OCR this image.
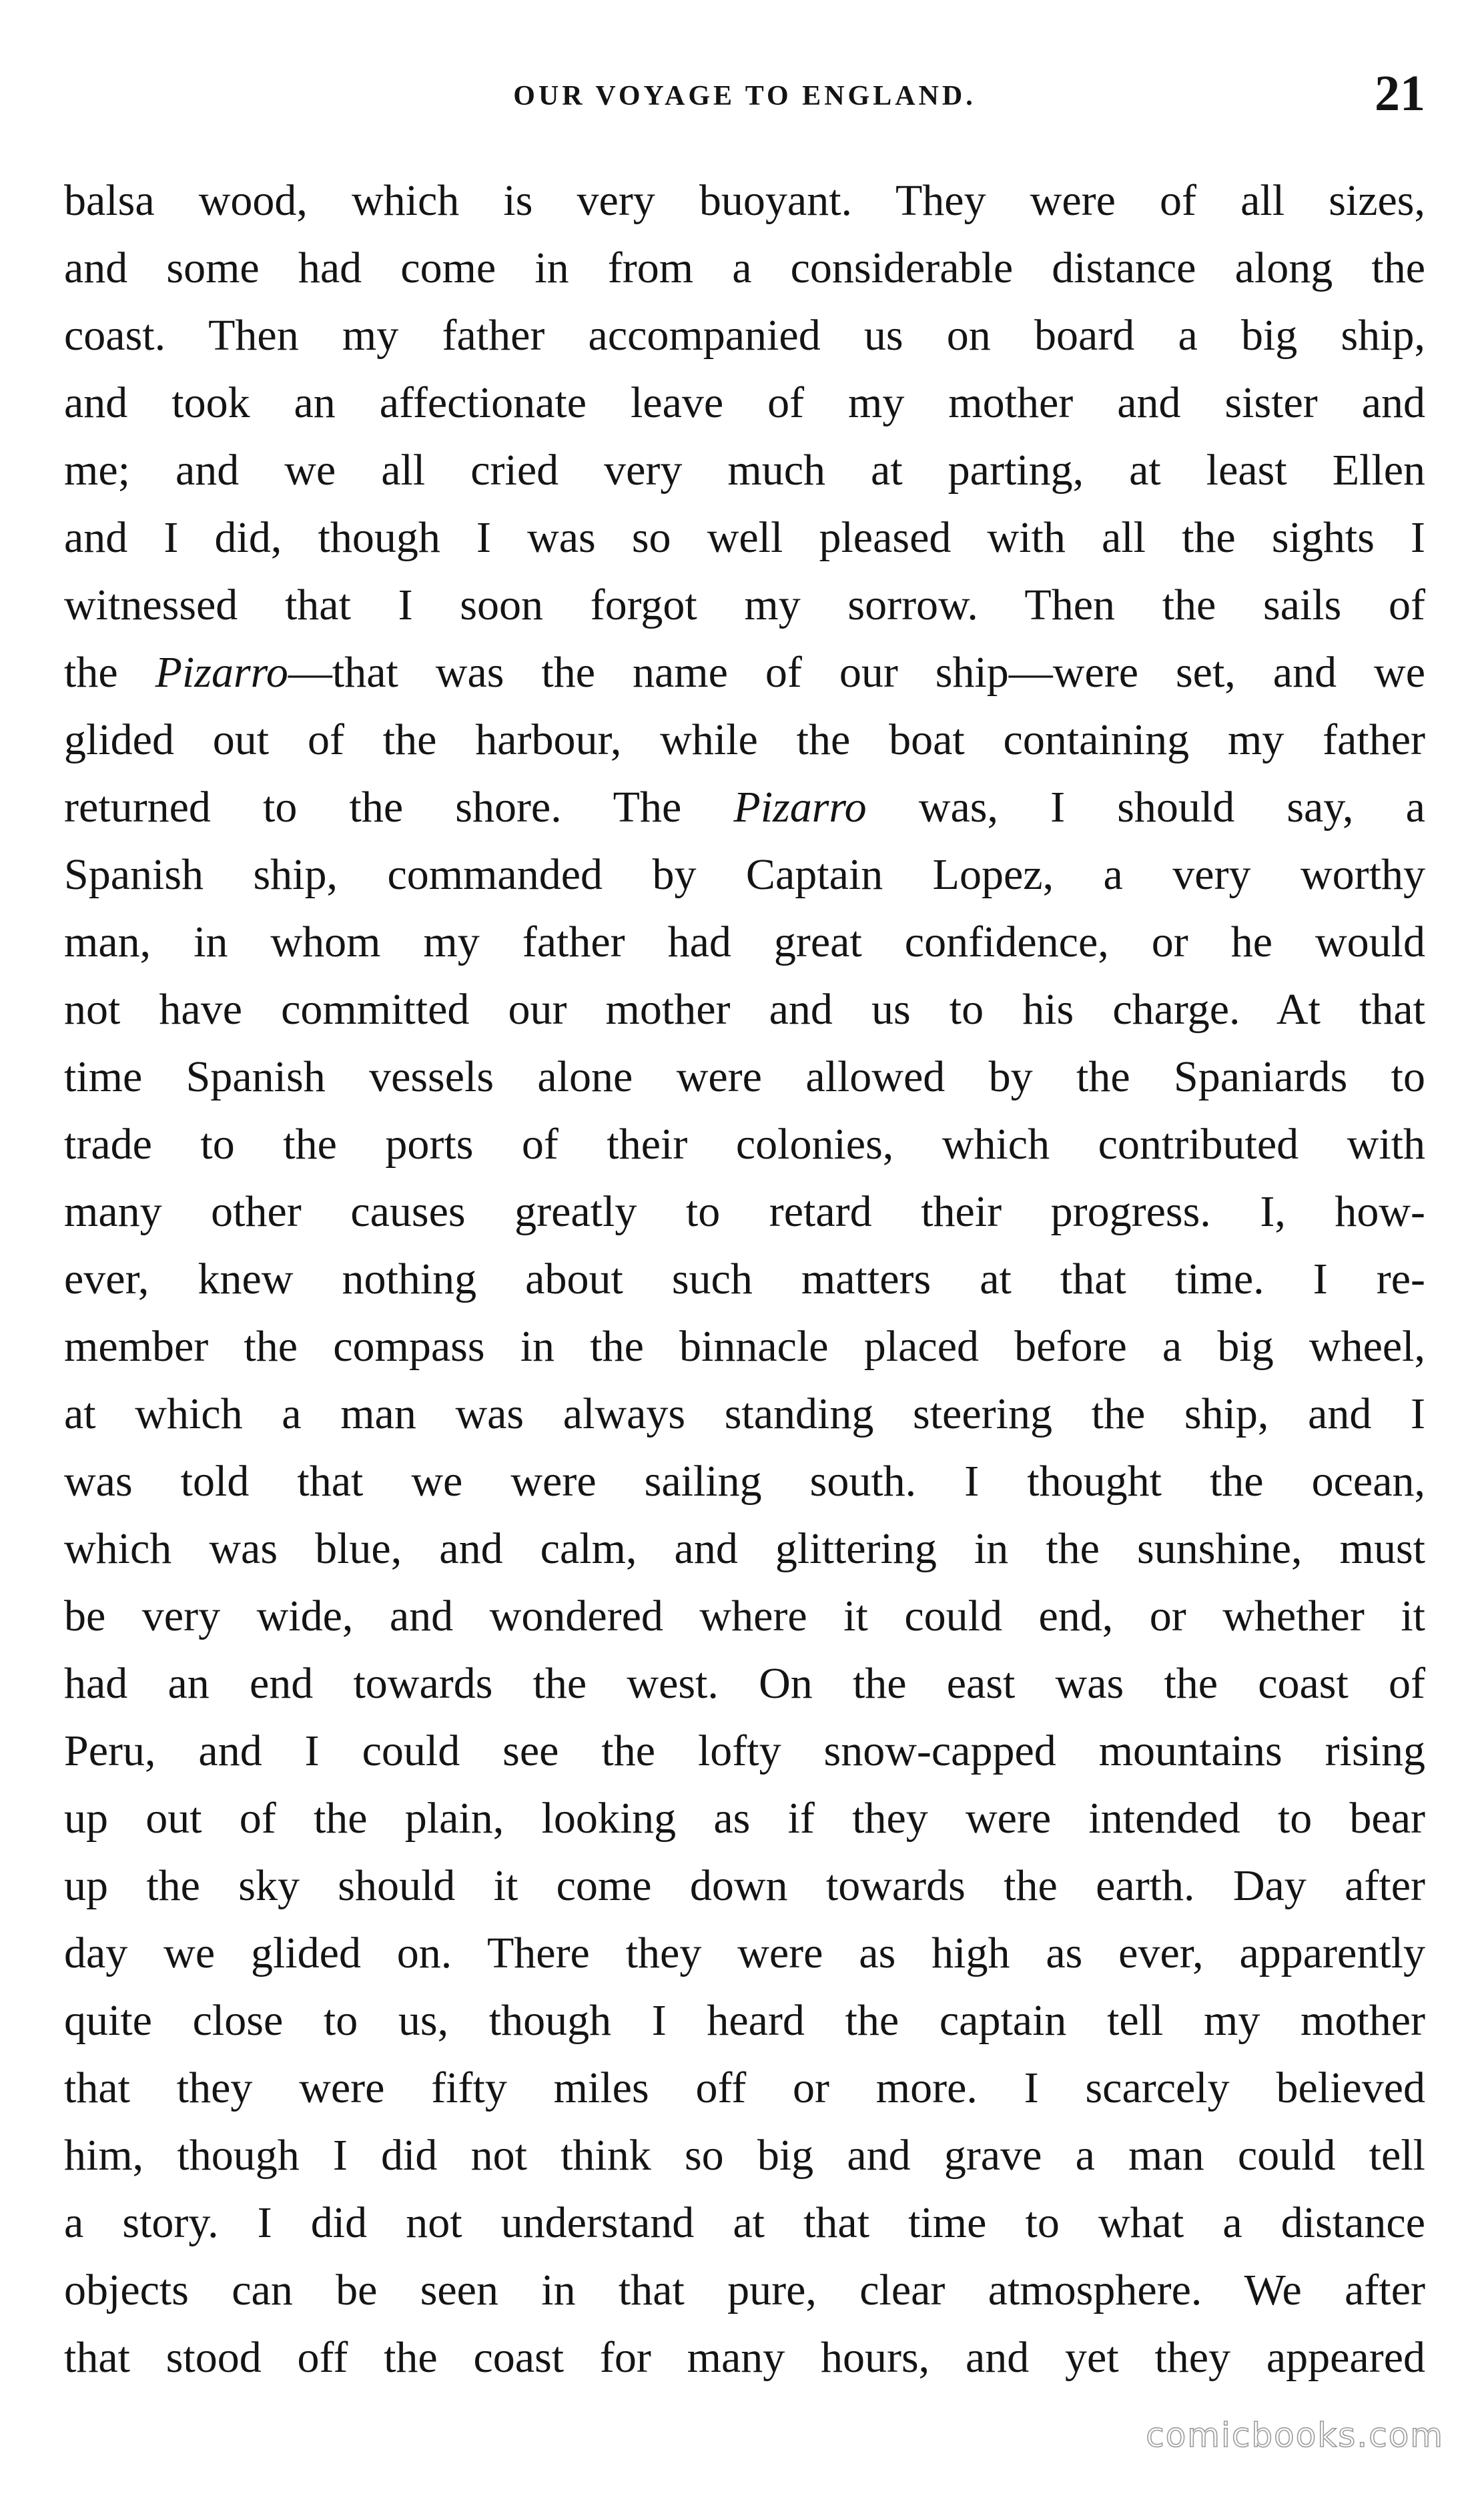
OUR VOYAGE TO ENGLAND.	21
balsa wood, which is very buoyant. They were of all sizes,
and some had come in from a considerable distance along the
coast. Then my father accompanied us on board a big ship,
and took an affectionate leave of my mother and sister and
me; and we all cried very much at parting, at least Ellen
and I did, though I was so well pleased with all the sights I
witnessed that I soon forgot my sorrow. Then the sails of
the Pizarro—that was the name of our ship—were set, and we
glided out of the harbour, while the boat containing my father
returned to the shore. The Pizarro was, I should say, a
Spanish ship, commanded by Captain Lopez, a very worthy
man, in whom my father had great confidence, or he would
not have committed our mother and us to his charge. At that
time Spanish vessels alone were allowed by the Spaniards to
trade to the ports of their colonies, which contributed with
many other causes greatly to retard their progress. I, how-
ever, knew nothing about such matters at that time. I re-
member the compass in the binnacle placed before a big wheel,
at which a man was always standing steering the ship, and I
was told that we were sailing south. I thought the ocean,
which was blue, and calm, and glittering in the sunshine, must
be very wide, and wondered where it could end, or whether it
had an end towards the west. On the east was the coast of
Peru, and I could see the lofty snow-capped mountains rising
up out of the plain, looking as if they were intended to bear
up the sky should it come down towards the earth. Day after
day we glided on. There they were as high as ever, apparently
quite close to us, though I heard the captain tell my mother
that they were fifty miles off or more. I scarcely believed
him, though I did not think so big and grave a man could tell
a story. I did not understand at that time to what a distance
objects can be seen in that pure, clear atmosphere. We after
that stood off the coast for many hours, and yet they appeared
comicbooks.com
